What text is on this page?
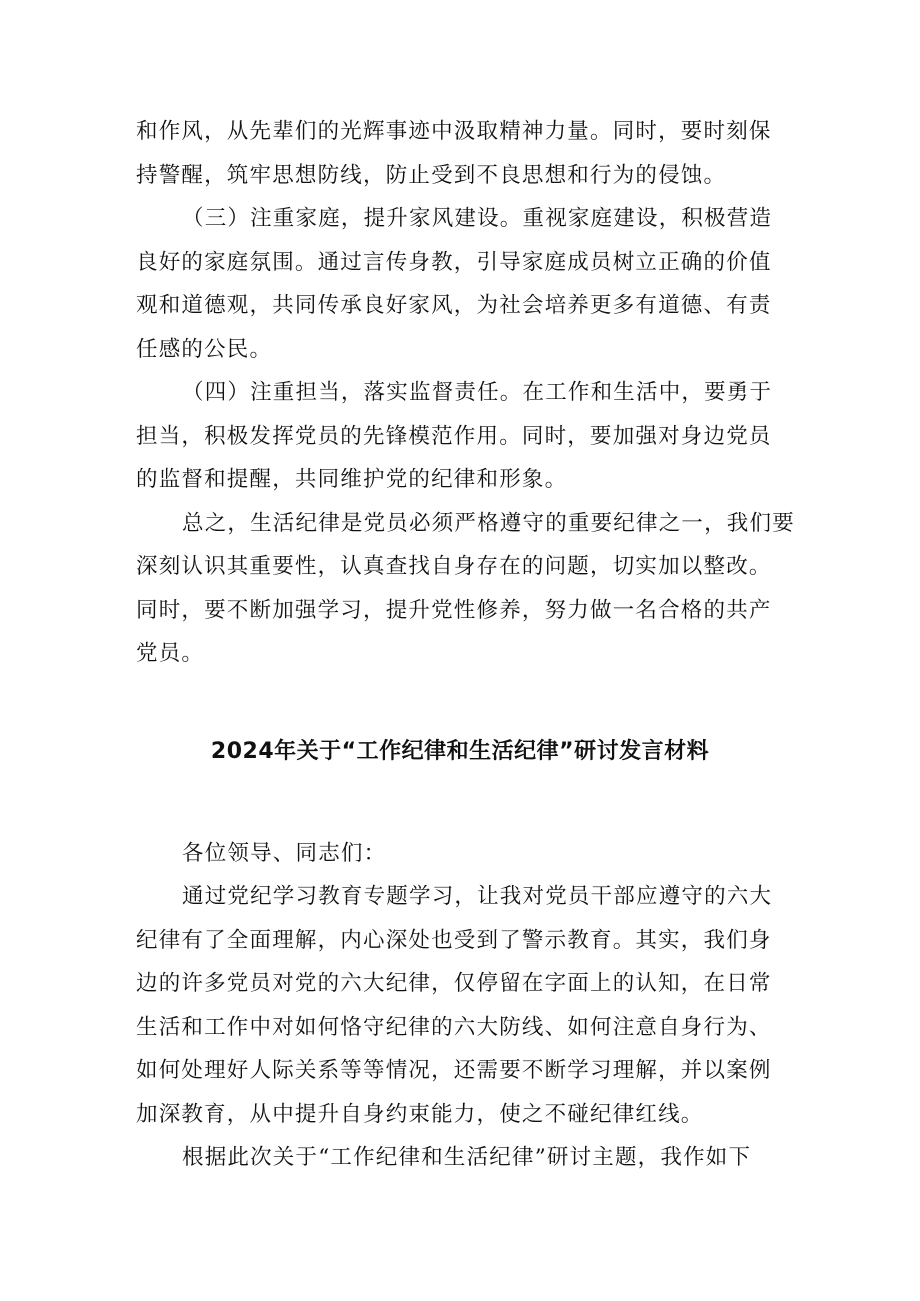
和作风，从先辈们的光辉事迹中汲取精神力量。同时，要时刻保
持警醒，筑牢思想防线，防止受到不良思想和行为的侵蚀。
（三）注重家庭，提升家风建设。重视家庭建设，积极营造
良好的家庭氛围。通过言传身教，引导家庭成员树立正确的价值
观和道德观，共同传承良好家风，为社会培养更多有道德、有责
任感的公民。
（四）注重担当，落实监督责任。在工作和生活中，要勇于
担当，积极发挥党员的先锋模范作用。同时，要加强对身边党员
的监督和提醒，共同维护党的纪律和形象。
总之，生活纪律是党员必须严格遵守的重要纪律之一，我们要
深刻认识其重要性，认真查找自身存在的问题，切实加以整改。
同时，要不断加强学习，提升党性修养，努力做一名合格的共产
党员。
2024年关于“工作纪律和生活纪律”研讨发言材料
各位领导、同志们：
通过党纪学习教育专题学习，让我对党员干部应遵守的六大
纪律有了全面理解，内心深处也受到了警示教育。其实，我们身
边的许多党员对党的六大纪律，仅停留在字面上的认知，在日常
生活和工作中对如何恪守纪律的六大防线、如何注意自身行为、
如何处理好人际关系等等情况，还需要不断学习理解，并以案例
加深教育，从中提升自身约束能力，使之不碰纪律红线。
根据此次关于“工作纪律和生活纪律”研讨主题，我作如下
